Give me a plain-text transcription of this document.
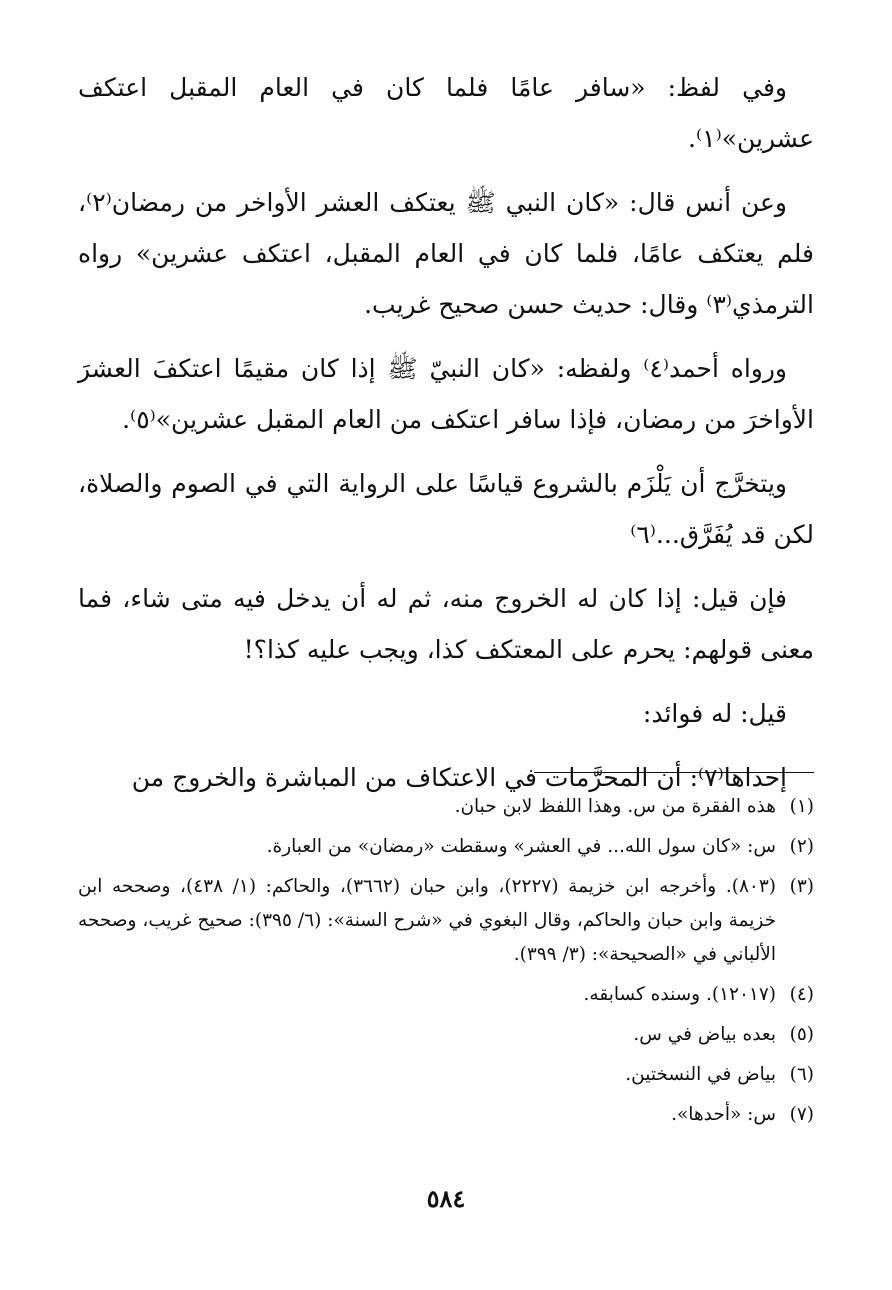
وفي لفظ: «سافر عامًا فلما كان في العام المقبل اعتكف عشرين»⁽١⁾.

وعن أنس قال: «كان النبي ﷺ يعتكف العشر الأواخر من رمضان⁽٢⁾، فلم يعتكف عامًا، فلما كان في العام المقبل، اعتكف عشرين» رواه الترمذي⁽٣⁾ وقال: حديث حسن صحيح غريب.

ورواه أحمد⁽٤⁾ ولفظه: «كان النبيّ ﷺ إذا كان مقيمًا اعتكفَ العشرَ الأواخرَ من رمضان، فإذا سافر اعتكف من العام المقبل عشرين»⁽٥⁾.

ويتخرَّج أن يَلْزَم بالشروع قياسًا على الرواية التي في الصوم والصلاة، لكن قد يُفَرَّق...⁽٦⁾

فإن قيل: إذا كان له الخروج منه، ثم له أن يدخل فيه متى شاء، فما معنى قولهم: يحرم على المعتكف كذا، ويجب عليه كذا؟!

قيل: له فوائد:

إحداها⁽٧⁾: أن المحرَّمات في الاعتكاف من المباشرة والخروج من

(١)
هذه الفقرة من س. وهذا اللفظ لابن حبان.
(٢)
س: «كان سول الله... في العشر» وسقطت «رمضان» من العبارة.
(٣)
(٨٠٣). وأخرجه ابن خزيمة (٢٢٢٧)، وابن حبان (٣٦٦٢)، والحاكم: (١/ ٤٣٨)، وصححه ابن خزيمة وابن حبان والحاكم، وقال البغوي في «شرح السنة»: (٦/ ٣٩٥): صحيح غريب، وصححه الألباني في «الصحيحة»: (٣/ ٣٩٩).
(٤)
(١٢٠١٧). وسنده كسابقه.
(٥)
بعده بياض في س.
(٦)
بياض في النسختين.
(٧)
س: «أحدها».
٥٨٤
